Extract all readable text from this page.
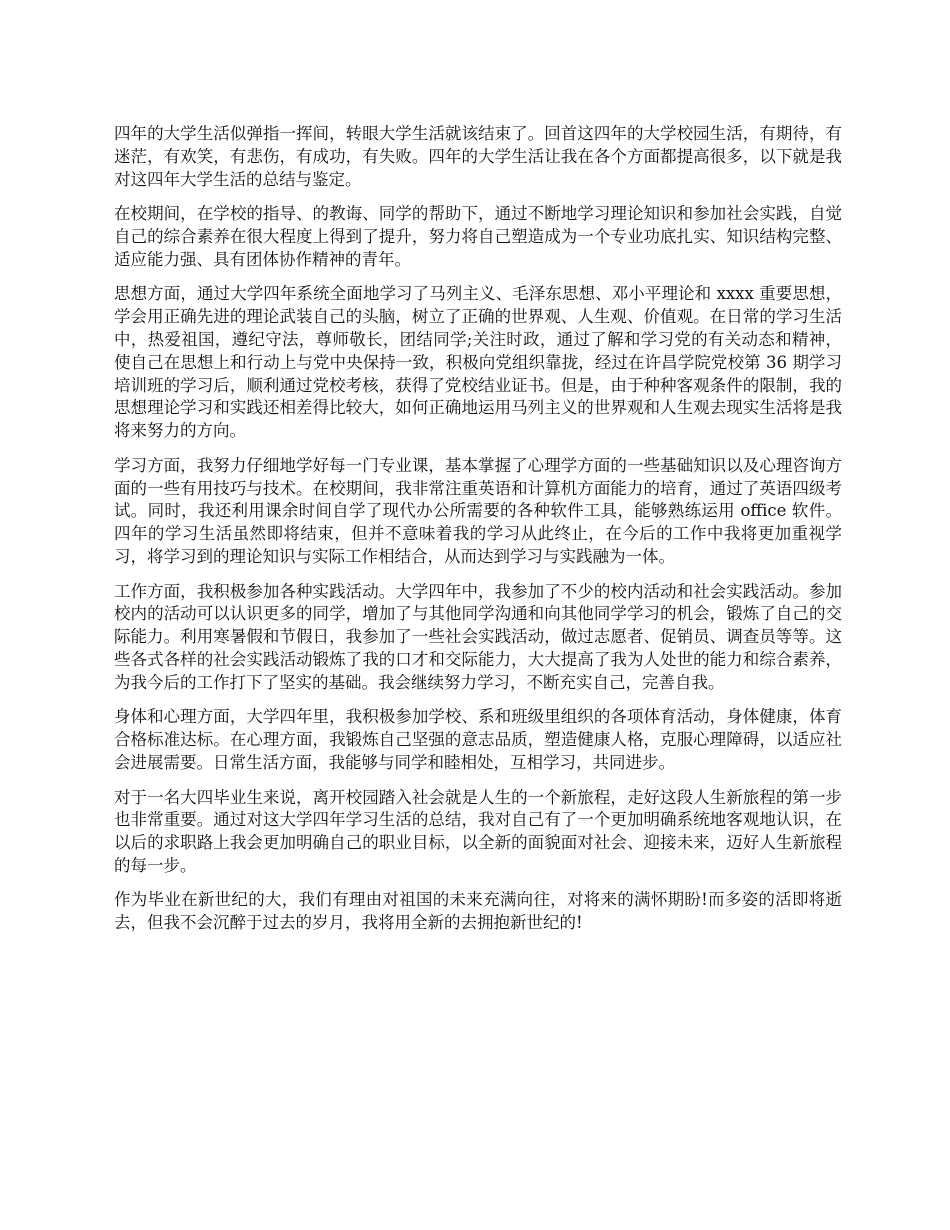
四年的大学生活似弹指一挥间，转眼大学生活就该结束了。回首这四年的大学校园生活，有期待，有迷茫，有欢笑，有悲伤，有成功，有失败。四年的大学生活让我在各个方面都提高很多，以下就是我对这四年大学生活的总结与鉴定。

在校期间，在学校的指导、的教诲、同学的帮助下，通过不断地学习理论知识和参加社会实践，自觉自己的综合素养在很大程度上得到了提升，努力将自己塑造成为一个专业功底扎实、知识结构完整、适应能力强、具有团体协作精神的青年。

思想方面，通过大学四年系统全面地学习了马列主义、毛泽东思想、邓小平理论和 xxxx 重要思想，学会用正确先进的理论武装自己的头脑，树立了正确的世界观、人生观、价值观。在日常的学习生活中，热爱祖国，遵纪守法，尊师敬长，团结同学;关注时政，通过了解和学习党的有关动态和精神，使自己在思想上和行动上与党中央保持一致，积极向党组织靠拢，经过在许昌学院党校第 36 期学习培训班的学习后，顺利通过党校考核，获得了党校结业证书。但是，由于种种客观条件的限制，我的思想理论学习和实践还相差得比较大，如何正确地运用马列主义的世界观和人生观去现实生活将是我将来努力的方向。

学习方面，我努力仔细地学好每一门专业课，基本掌握了心理学方面的一些基础知识以及心理咨询方面的一些有用技巧与技术。在校期间，我非常注重英语和计算机方面能力的培育，通过了英语四级考试。同时，我还利用课余时间自学了现代办公所需要的各种软件工具，能够熟练运用 office 软件。四年的学习生活虽然即将结束，但并不意味着我的学习从此终止，在今后的工作中我将更加重视学习，将学习到的理论知识与实际工作相结合，从而达到学习与实践融为一体。

工作方面，我积极参加各种实践活动。大学四年中，我参加了不少的校内活动和社会实践活动。参加校内的活动可以认识更多的同学，增加了与其他同学沟通和向其他同学学习的机会，锻炼了自己的交际能力。利用寒暑假和节假日，我参加了一些社会实践活动，做过志愿者、促销员、调查员等等。这些各式各样的社会实践活动锻炼了我的口才和交际能力，大大提高了我为人处世的能力和综合素养，为我今后的工作打下了坚实的基础。我会继续努力学习，不断充实自己，完善自我。

身体和心理方面，大学四年里，我积极参加学校、系和班级里组织的各项体育活动，身体健康，体育合格标准达标。在心理方面，我锻炼自己坚强的意志品质，塑造健康人格，克服心理障碍，以适应社会进展需要。日常生活方面，我能够与同学和睦相处，互相学习，共同进步。

对于一名大四毕业生来说，离开校园踏入社会就是人生的一个新旅程，走好这段人生新旅程的第一步也非常重要。通过对这大学四年学习生活的总结，我对自己有了一个更加明确系统地客观地认识，在以后的求职路上我会更加明确自己的职业目标，以全新的面貌面对社会、迎接未来，迈好人生新旅程的每一步。

作为毕业在新世纪的大，我们有理由对祖国的未来充满向往，对将来的满怀期盼!而多姿的活即将逝去，但我不会沉醉于过去的岁月，我将用全新的去拥抱新世纪的!
